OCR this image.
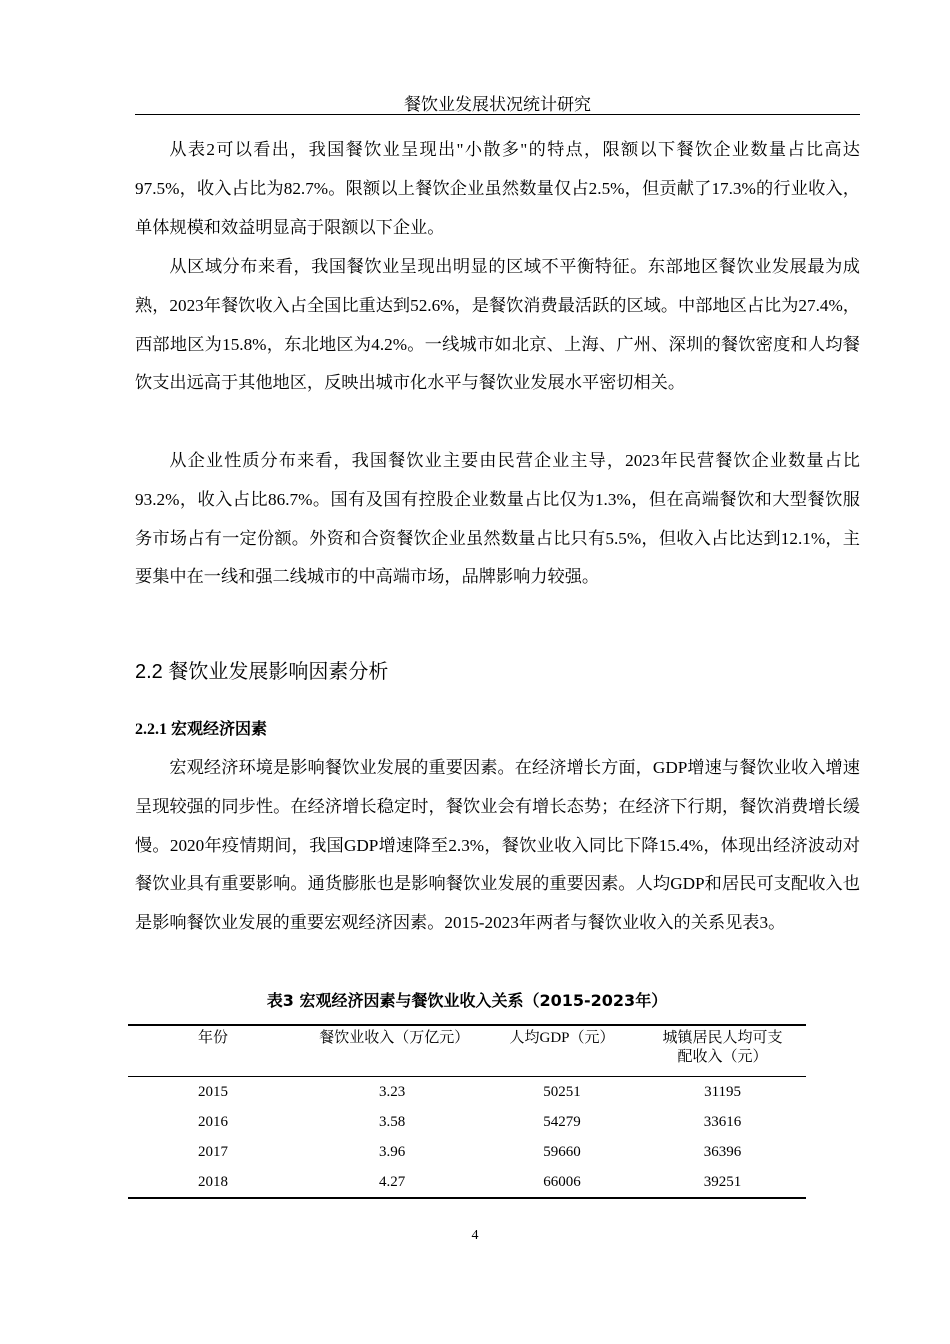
餐饮业发展状况统计研究

从表2可以看出，我国餐饮业呈现出"小散多"的特点，限额以下餐饮企业数量占比高达97.5%，收入占比为82.7%。限额以上餐饮企业虽然数量仅占2.5%，但贡献了17.3%的行业收入，单体规模和效益明显高于限额以下企业。

从区域分布来看，我国餐饮业呈现出明显的区域不平衡特征。东部地区餐饮业发展最为成熟，2023年餐饮收入占全国比重达到52.6%，是餐饮消费最活跃的区域。中部地区占比为27.4%，西部地区为15.8%，东北地区为4.2%。一线城市如北京、上海、广州、深圳的餐饮密度和人均餐饮支出远高于其他地区，反映出城市化水平与餐饮业发展水平密切相关。

从企业性质分布来看，我国餐饮业主要由民营企业主导，2023年民营餐饮企业数量占比93.2%，收入占比86.7%。国有及国有控股企业数量占比仅为1.3%，但在高端餐饮和大型餐饮服务市场占有一定份额。外资和合资餐饮企业虽然数量占比只有5.5%，但收入占比达到12.1%，主要集中在一线和强二线城市的中高端市场，品牌影响力较强。

2.2 餐饮业发展影响因素分析
2.2.1 宏观经济因素

宏观经济环境是影响餐饮业发展的重要因素。在经济增长方面，GDP增速与餐饮业收入增速呈现较强的同步性。在经济增长稳定时，餐饮业会有增长态势；在经济下行期，餐饮消费增长缓慢。2020年疫情期间，我国GDP增速降至2.3%，餐饮业收入同比下降15.4%，体现出经济波动对餐饮业具有重要影响。通货膨胀也是影响餐饮业发展的重要因素。人均GDP和居民可支配收入也是影响餐饮业发展的重要宏观经济因素。2015-2023年两者与餐饮业收入的关系见表3。

表3 宏观经济因素与餐饮业收入关系（2015-2023年）
年份	餐饮业收入（万亿元）	人均GDP（元）	城镇居民人均可支配收入（元）
2015	3.23	50251	31195
2016	3.58	54279	33616
2017	3.96	59660	36396
2018	4.27	66006	39251
4
